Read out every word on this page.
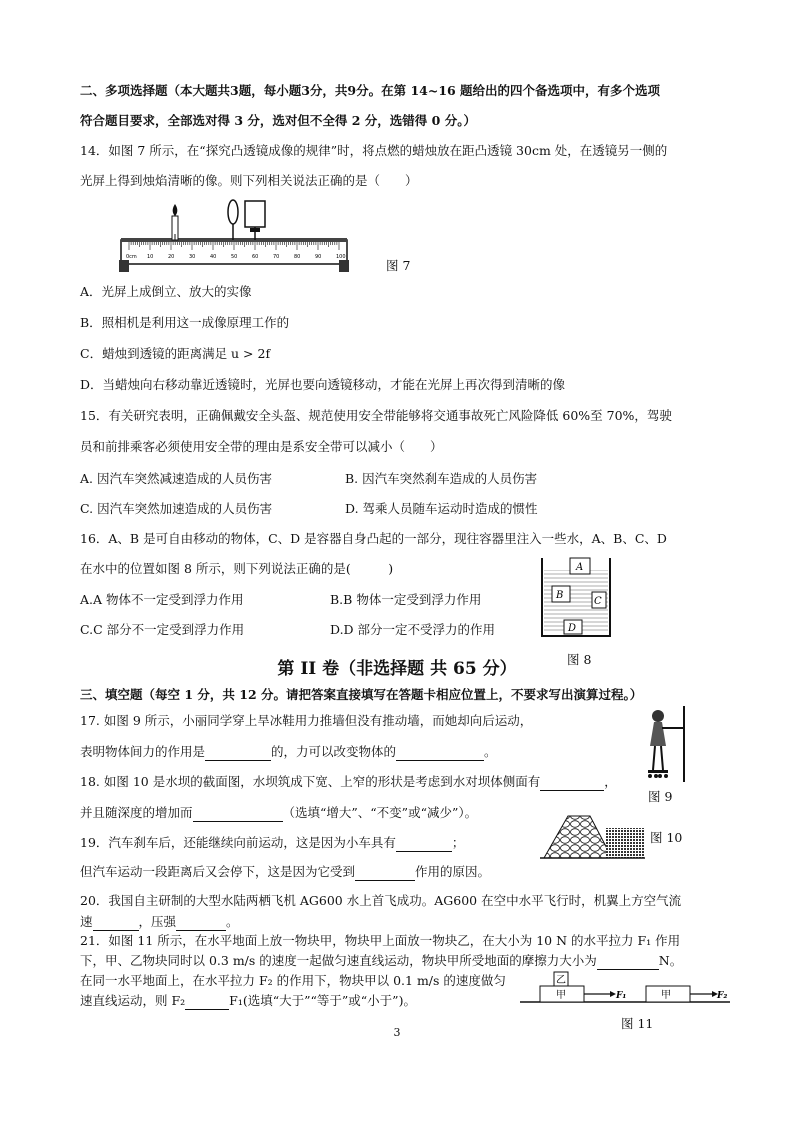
二、多项选择题（本大题共3题，每小题3分，共9分。在第 14~16 题给出的四个备选项中，有多个选项
符合题目要求，全部选对得 3 分，选对但不全得 2 分，选错得 0 分。）
14．如图 7 所示，在“探究凸透镜成像的规律”时，将点燃的蜡烛放在距凸透镜 30cm 处，在透镜另一侧的
光屏上得到烛焰清晰的像。则下列相关说法正确的是（　　）
0cm 10	20	30	40	50	60	70	80	90	100
图 7
A．光屏上成倒立、放大的实像
B．照相机是利用这一成像原理工作的
C．蜡烛到透镜的距离满足 u > 2f
D．当蜡烛向右移动靠近透镜时，光屏也要向透镜移动，才能在光屏上再次得到清晰的像
15．有关研究表明，正确佩戴安全头盔、规范使用安全带能够将交通事故死亡风险降低 60%至 70%，驾驶
员和前排乘客必须使用安全带的理由是系安全带可以减小（　　）
A. 因汽车突然减速造成的人员伤害	B. 因汽车突然刹车造成的人员伤害
C. 因汽车突然加速造成的人员伤害	D. 驾乘人员随车运动时造成的惯性
16．A、B 是可自由移动的物体，C、D 是容器自身凸起的一部分，现往容器里注入一些水，A、B、C、D
在水中的位置如图 8 所示，则下列说法正确的是(　　　)
A.A 物体不一定受到浮力作用	B.B 物体一定受到浮力作用
C.C 部分不一定受到浮力作用	D.D 部分一定不受浮力的作用
A
B
C
D
图 8
第 II 卷（非选择题 共 65 分）
三、填空题（每空 1 分，共 12 分。请把答案直接填写在答题卡相应位置上，不要求写出演算过程。）
17. 如图 9 所示，小丽同学穿上旱冰鞋用力推墙但没有推动墙，而她却向后运动，
表明物体间力的作用是	的，力可以改变物体的	。
图 9
18. 如图 10 是水坝的截面图，水坝筑成下宽、上窄的形状是考虑到水对坝体侧面有	，
并且随深度的增加而	（选填“增大”、“不变”或“减少”）。
图 10
19．汽车刹车后，还能继续向前运动，这是因为小车具有	；
但汽车运动一段距离后又会停下，这是因为它受到	作用的原因。
20．我国自主研制的大型水陆两栖飞机 AG600 水上首飞成功。AG600 在空中水平飞行时，机翼上方空气流
速	，压强	。
21．如图 11 所示，在水平地面上放一物块甲，物块甲上面放一物块乙，在大小为 10 N 的水平拉力 F₁ 作用
下，甲、乙物块同时以 0.3 m/s 的速度一起做匀速直线运动，物块甲所受地面的摩擦力大小为	N。
在同一水平地面上，在水平拉力 F₂ 的作用下，物块甲以 0.1 m/s 的速度做匀
速直线运动，则 F₂	F₁(选填“大于”“等于”或“小于”)。
乙
甲	F₁	甲	F₂
图 11
3
